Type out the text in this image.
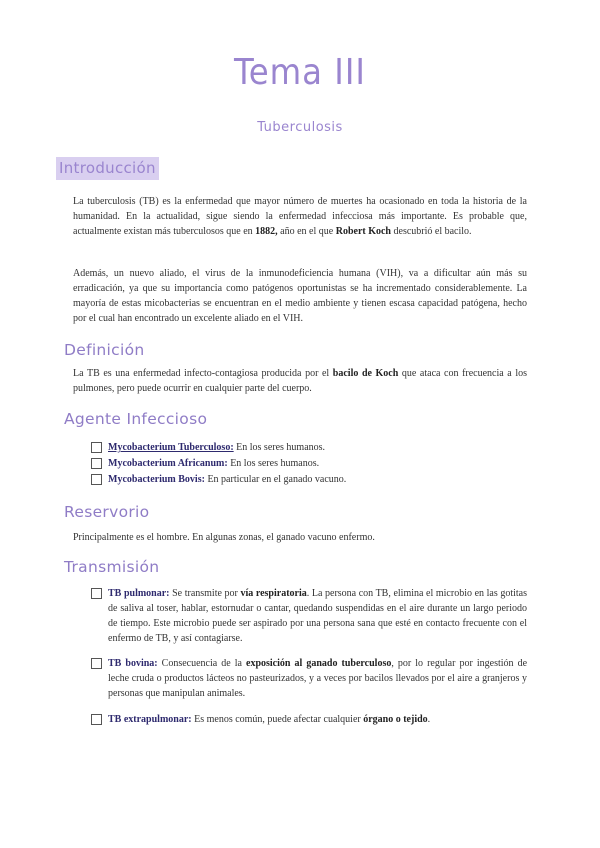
Tema III
Tuberculosis
Introducción
La tuberculosis (TB) es la enfermedad que mayor número de muertes ha ocasionado en toda la historia de la humanidad. En la actualidad, sigue siendo la enfermedad infecciosa más importante. Es probable que, actualmente existan más tuberculosos que en 1882, año en el que Robert Koch descubrió el bacilo.
Además, un nuevo aliado, el virus de la inmunodeficiencia humana (VIH), va a dificultar aún más su erradicación, ya que su importancia como patógenos oportunistas se ha incrementado considerablemente. La mayoría de estas micobacterias se encuentran en el medio ambiente y tienen escasa capacidad patógena, hecho por el cual han encontrado un excelente aliado en el VIH.
Definición
La TB es una enfermedad infecto-contagiosa producida por el bacilo de Koch que ataca con frecuencia a los pulmones, pero puede ocurrir en cualquier parte del cuerpo.
Agente Infeccioso
Mycobacterium Tuberculoso: En los seres humanos.
Mycobacterium Africanum: En los seres humanos.
Mycobacterium Bovis: En particular en el ganado vacuno.
Reservorio
Principalmente es el hombre. En algunas zonas, el ganado vacuno enfermo.
Transmisión
TB pulmonar: Se transmite por vía respiratoria. La persona con TB, elimina el microbio en las gotitas de saliva al toser, hablar, estornudar o cantar, quedando suspendidas en el aire durante un largo periodo de tiempo. Este microbio puede ser aspirado por una persona sana que esté en contacto frecuente con el enfermo de TB, y así contagiarse.
TB bovina: Consecuencia de la exposición al ganado tuberculoso, por lo regular por ingestión de leche cruda o productos lácteos no pasteurizados, y a veces por bacilos llevados por el aire a granjeros y personas que manipulan animales.
TB extrapulmonar: Es menos común, puede afectar cualquier órgano o tejido.
